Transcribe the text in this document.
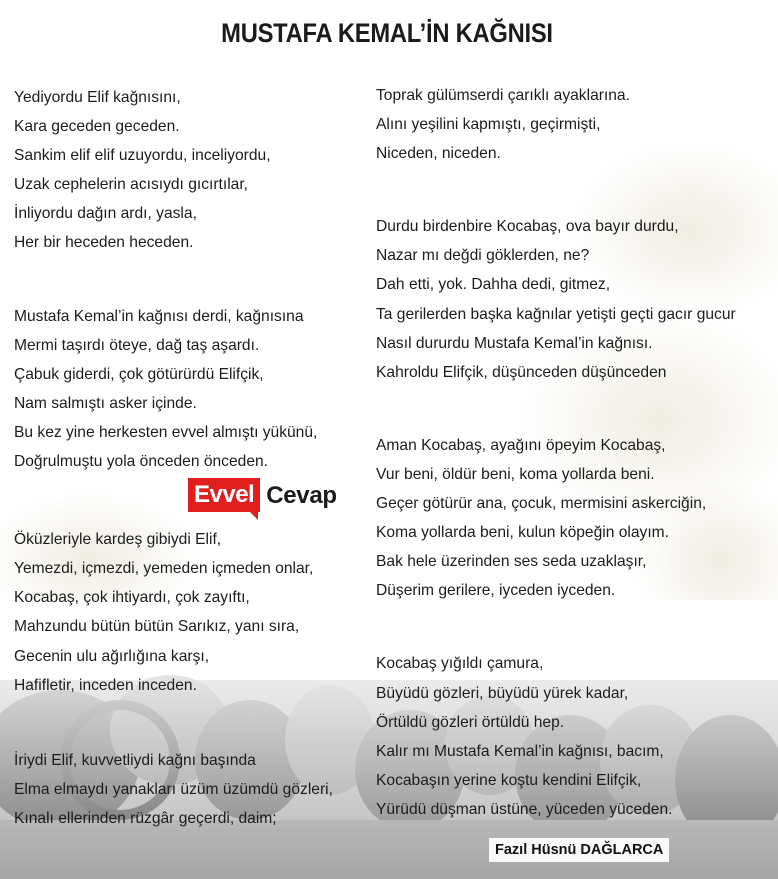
MUSTAFA KEMAL’İN KAĞNISI
Yediyordu Elif kağnısını,
Kara geceden geceden.
Sankim elif elif uzuyordu, inceliyordu,
Uzak cephelerin acısıydı gıcırtılar,
İnliyordu dağın ardı, yasla,
Her bir heceden heceden.
Mustafa Kemal’in kağnısı derdi, kağnısına
Mermi taşırdı öteye, dağ taş aşardı.
Çabuk giderdi, çok götürürdü Elifçik,
Nam salmıştı asker içinde.
Bu kez yine herkesten evvel almıştı yükünü,
Doğrulmuştu yola önceden önceden.
Öküzleriyle kardeş gibiydi Elif,
Yemezdi, içmezdi, yemeden içmeden onlar,
Kocabaş, çok ihtiyardı, çok zayıftı,
Mahzundu bütün bütün Sarıkız, yanı sıra,
Gecenin ulu ağırlığına karşı,
Hafifletir, inceden inceden.
İriydi Elif, kuvvetliydi kağnı başında
Elma elmaydı yanakları üzüm üzümdü gözleri,
Kınalı ellerinden rüzgâr geçerdi, daim;
Toprak gülümserdi çarıklı ayaklarına.
Alını yeşilini kapmıştı, geçirmişti,
Niceden, niceden.
Durdu birdenbire Kocabaş, ova bayır durdu,
Nazar mı değdi göklerden, ne?
Dah etti, yok. Dahha dedi, gitmez,
Ta gerilerden başka kağnılar yetişti geçti gacır gucur
Nasıl dururdu Mustafa Kemal’in kağnısı.
Kahroldu Elifçik, düşünceden düşünceden
Aman Kocabaş, ayağını öpeyim Kocabaş,
Vur beni, öldür beni, koma yollarda beni.
Geçer götürür ana, çocuk, mermisini askerciğin,
Koma yollarda beni, kulun köpeğin olayım.
Bak hele üzerinden ses seda uzaklaşır,
Düşerim gerilere, iyceden iyceden.
Kocabaş yığıldı çamura,
Büyüdü gözleri, büyüdü yürek kadar,
Örtüldü gözleri örtüldü hep.
Kalır mı Mustafa Kemal’in kağnısı, bacım,
Kocabaşın yerine koştu kendini Elifçik,
Yürüdü düşman üstüne, yüceden yüceden.
Evvel Cevap
Fazıl Hüsnü DAĞLARCA
